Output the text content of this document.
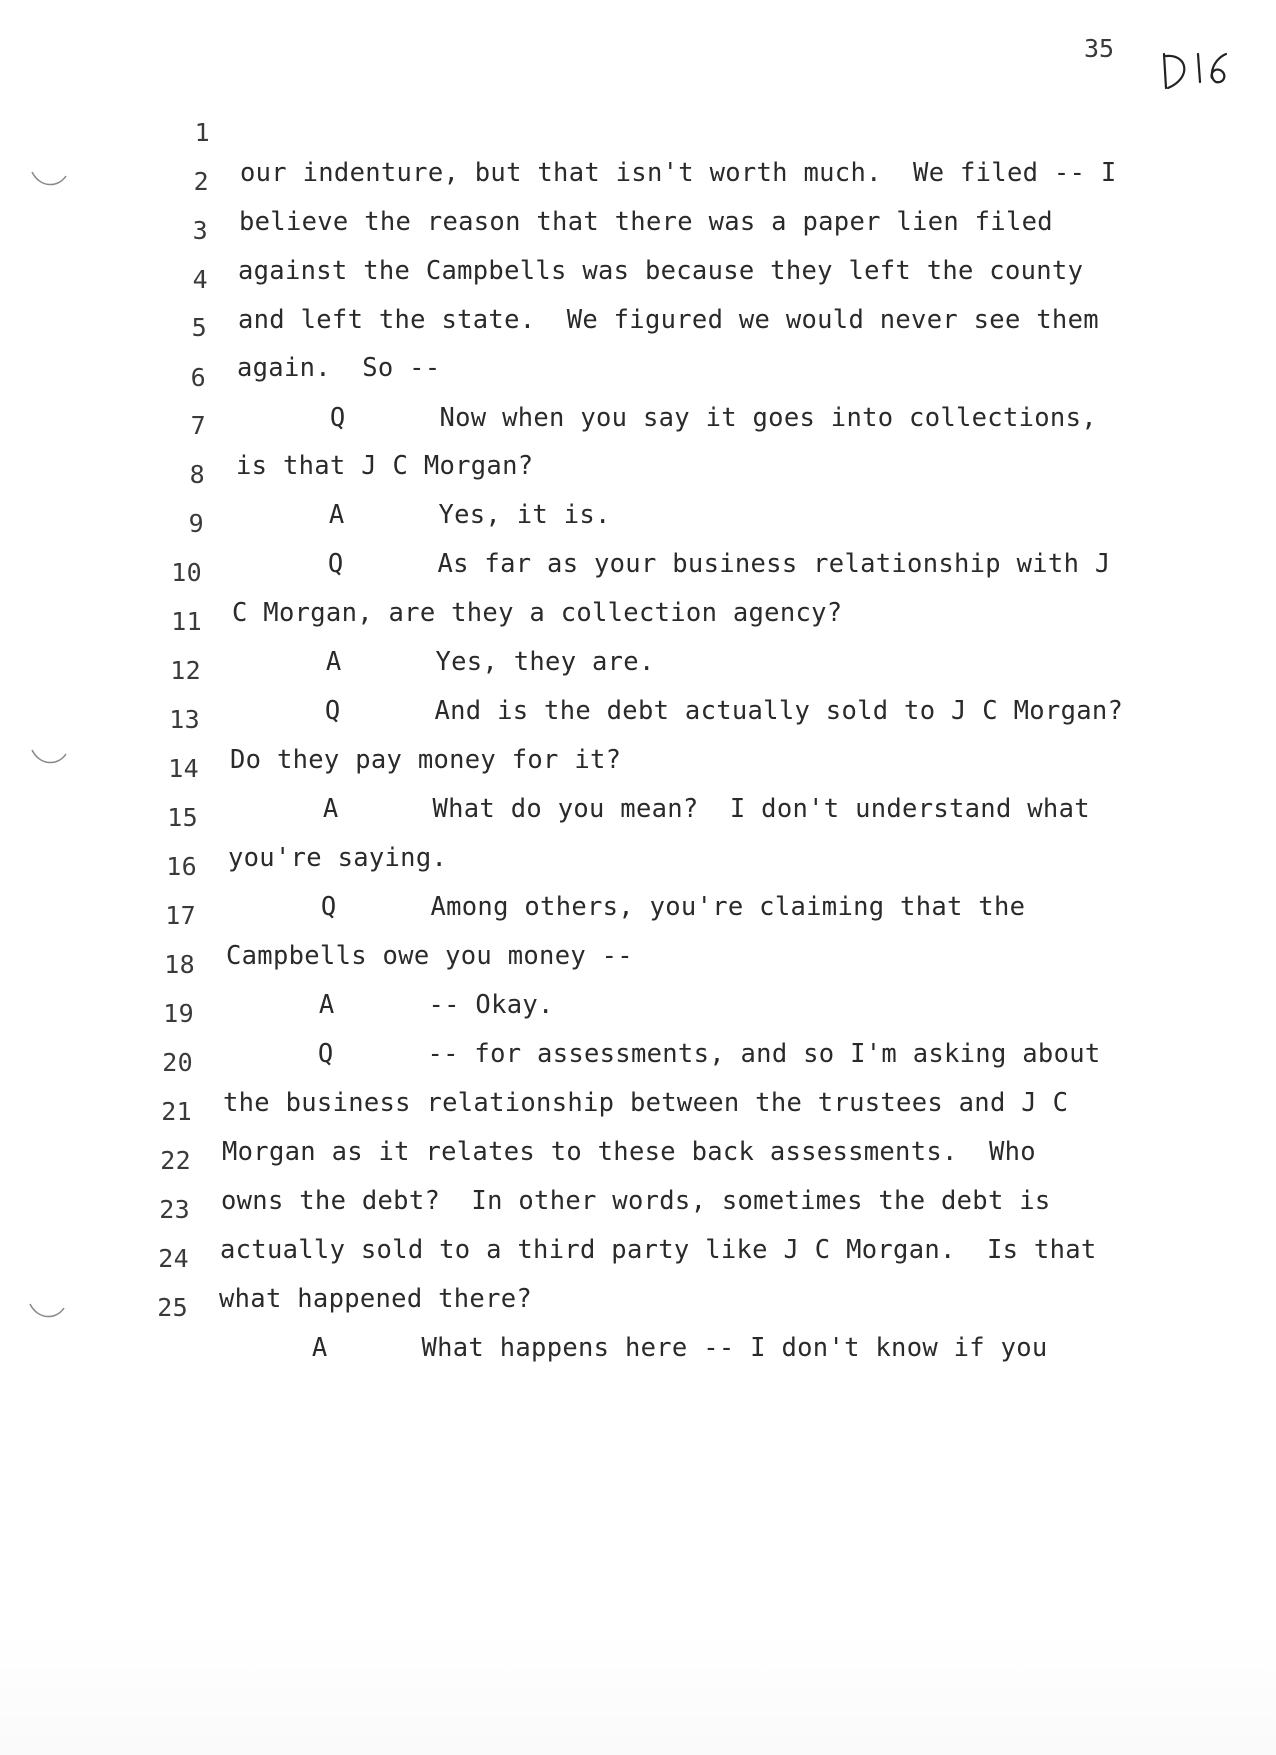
35

1

our indenture, but that isn't worth much.  We filed -- I

2

believe the reason that there was a paper lien filed

3

against the Campbells was because they left the county

4

and left the state.  We figured we would never see them

5

again.  So --

6

Q      Now when you say it goes into collections,

7

is that J C Morgan?

8

A      Yes, it is.

9

Q      As far as your business relationship with J

10

C Morgan, are they a collection agency?

11

A      Yes, they are.

12

Q      And is the debt actually sold to J C Morgan?

13

Do they pay money for it?

14

A      What do you mean?  I don't understand what

15

you're saying.

16

Q      Among others, you're claiming that the

17

Campbells owe you money --

18

A      -- Okay.

19

Q      -- for assessments, and so I'm asking about

20

the business relationship between the trustees and J C

21

Morgan as it relates to these back assessments.  Who

22

owns the debt?  In other words, sometimes the debt is

23

actually sold to a third party like J C Morgan.  Is that

24

what happened there?

25

A      What happens here -- I don't know if you
